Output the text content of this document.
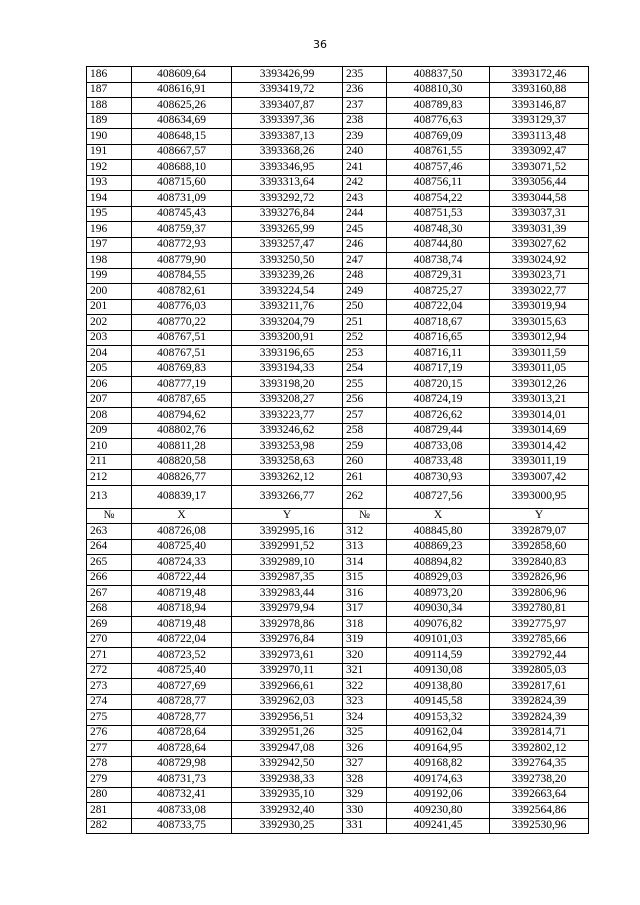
36
186	408609,64	3393426,99	235	408837,50	3393172,46
187	408616,91	3393419,72	236	408810,30	3393160,88
188	408625,26	3393407,87	237	408789,83	3393146,87
189	408634,69	3393397,36	238	408776,63	3393129,37
190	408648,15	3393387,13	239	408769,09	3393113,48
191	408667,57	3393368,26	240	408761,55	3393092,47
192	408688,10	3393346,95	241	408757,46	3393071,52
193	408715,60	3393313,64	242	408756,11	3393056,44
194	408731,09	3393292,72	243	408754,22	3393044,58
195	408745,43	3393276,84	244	408751,53	3393037,31
196	408759,37	3393265,99	245	408748,30	3393031,39
197	408772,93	3393257,47	246	408744,80	3393027,62
198	408779,90	3393250,50	247	408738,74	3393024,92
199	408784,55	3393239,26	248	408729,31	3393023,71
200	408782,61	3393224,54	249	408725,27	3393022,77
201	408776,03	3393211,76	250	408722,04	3393019,94
202	408770,22	3393204,79	251	408718,67	3393015,63
203	408767,51	3393200,91	252	408716,65	3393012,94
204	408767,51	3393196,65	253	408716,11	3393011,59
205	408769,83	3393194,33	254	408717,19	3393011,05
206	408777,19	3393198,20	255	408720,15	3393012,26
207	408787,65	3393208,27	256	408724,19	3393013,21
208	408794,62	3393223,77	257	408726,62	3393014,01
209	408802,76	3393246,62	258	408729,44	3393014,69
210	408811,28	3393253,98	259	408733,08	3393014,42
211	408820,58	3393258,63	260	408733,48	3393011,19
212	408826,77	3393262,12	261	408730,93	3393007,42
213	408839,17	3393266,77	262	408727,56	3393000,95
№	X	Y	№	X	Y
263	408726,08	3392995,16	312	408845,80	3392879,07
264	408725,40	3392991,52	313	408869,23	3392858,60
265	408724,33	3392989,10	314	408894,82	3392840,83
266	408722,44	3392987,35	315	408929,03	3392826,96
267	408719,48	3392983,44	316	408973,20	3392806,96
268	408718,94	3392979,94	317	409030,34	3392780,81
269	408719,48	3392978,86	318	409076,82	3392775,97
270	408722,04	3392976,84	319	409101,03	3392785,66
271	408723,52	3392973,61	320	409114,59	3392792,44
272	408725,40	3392970,11	321	409130,08	3392805,03
273	408727,69	3392966,61	322	409138,80	3392817,61
274	408728,77	3392962,03	323	409145,58	3392824,39
275	408728,77	3392956,51	324	409153,32	3392824,39
276	408728,64	3392951,26	325	409162,04	3392814,71
277	408728,64	3392947,08	326	409164,95	3392802,12
278	408729,98	3392942,50	327	409168,82	3392764,35
279	408731,73	3392938,33	328	409174,63	3392738,20
280	408732,41	3392935,10	329	409192,06	3392663,64
281	408733,08	3392932,40	330	409230,80	3392564,86
282	408733,75	3392930,25	331	409241,45	3392530,96
